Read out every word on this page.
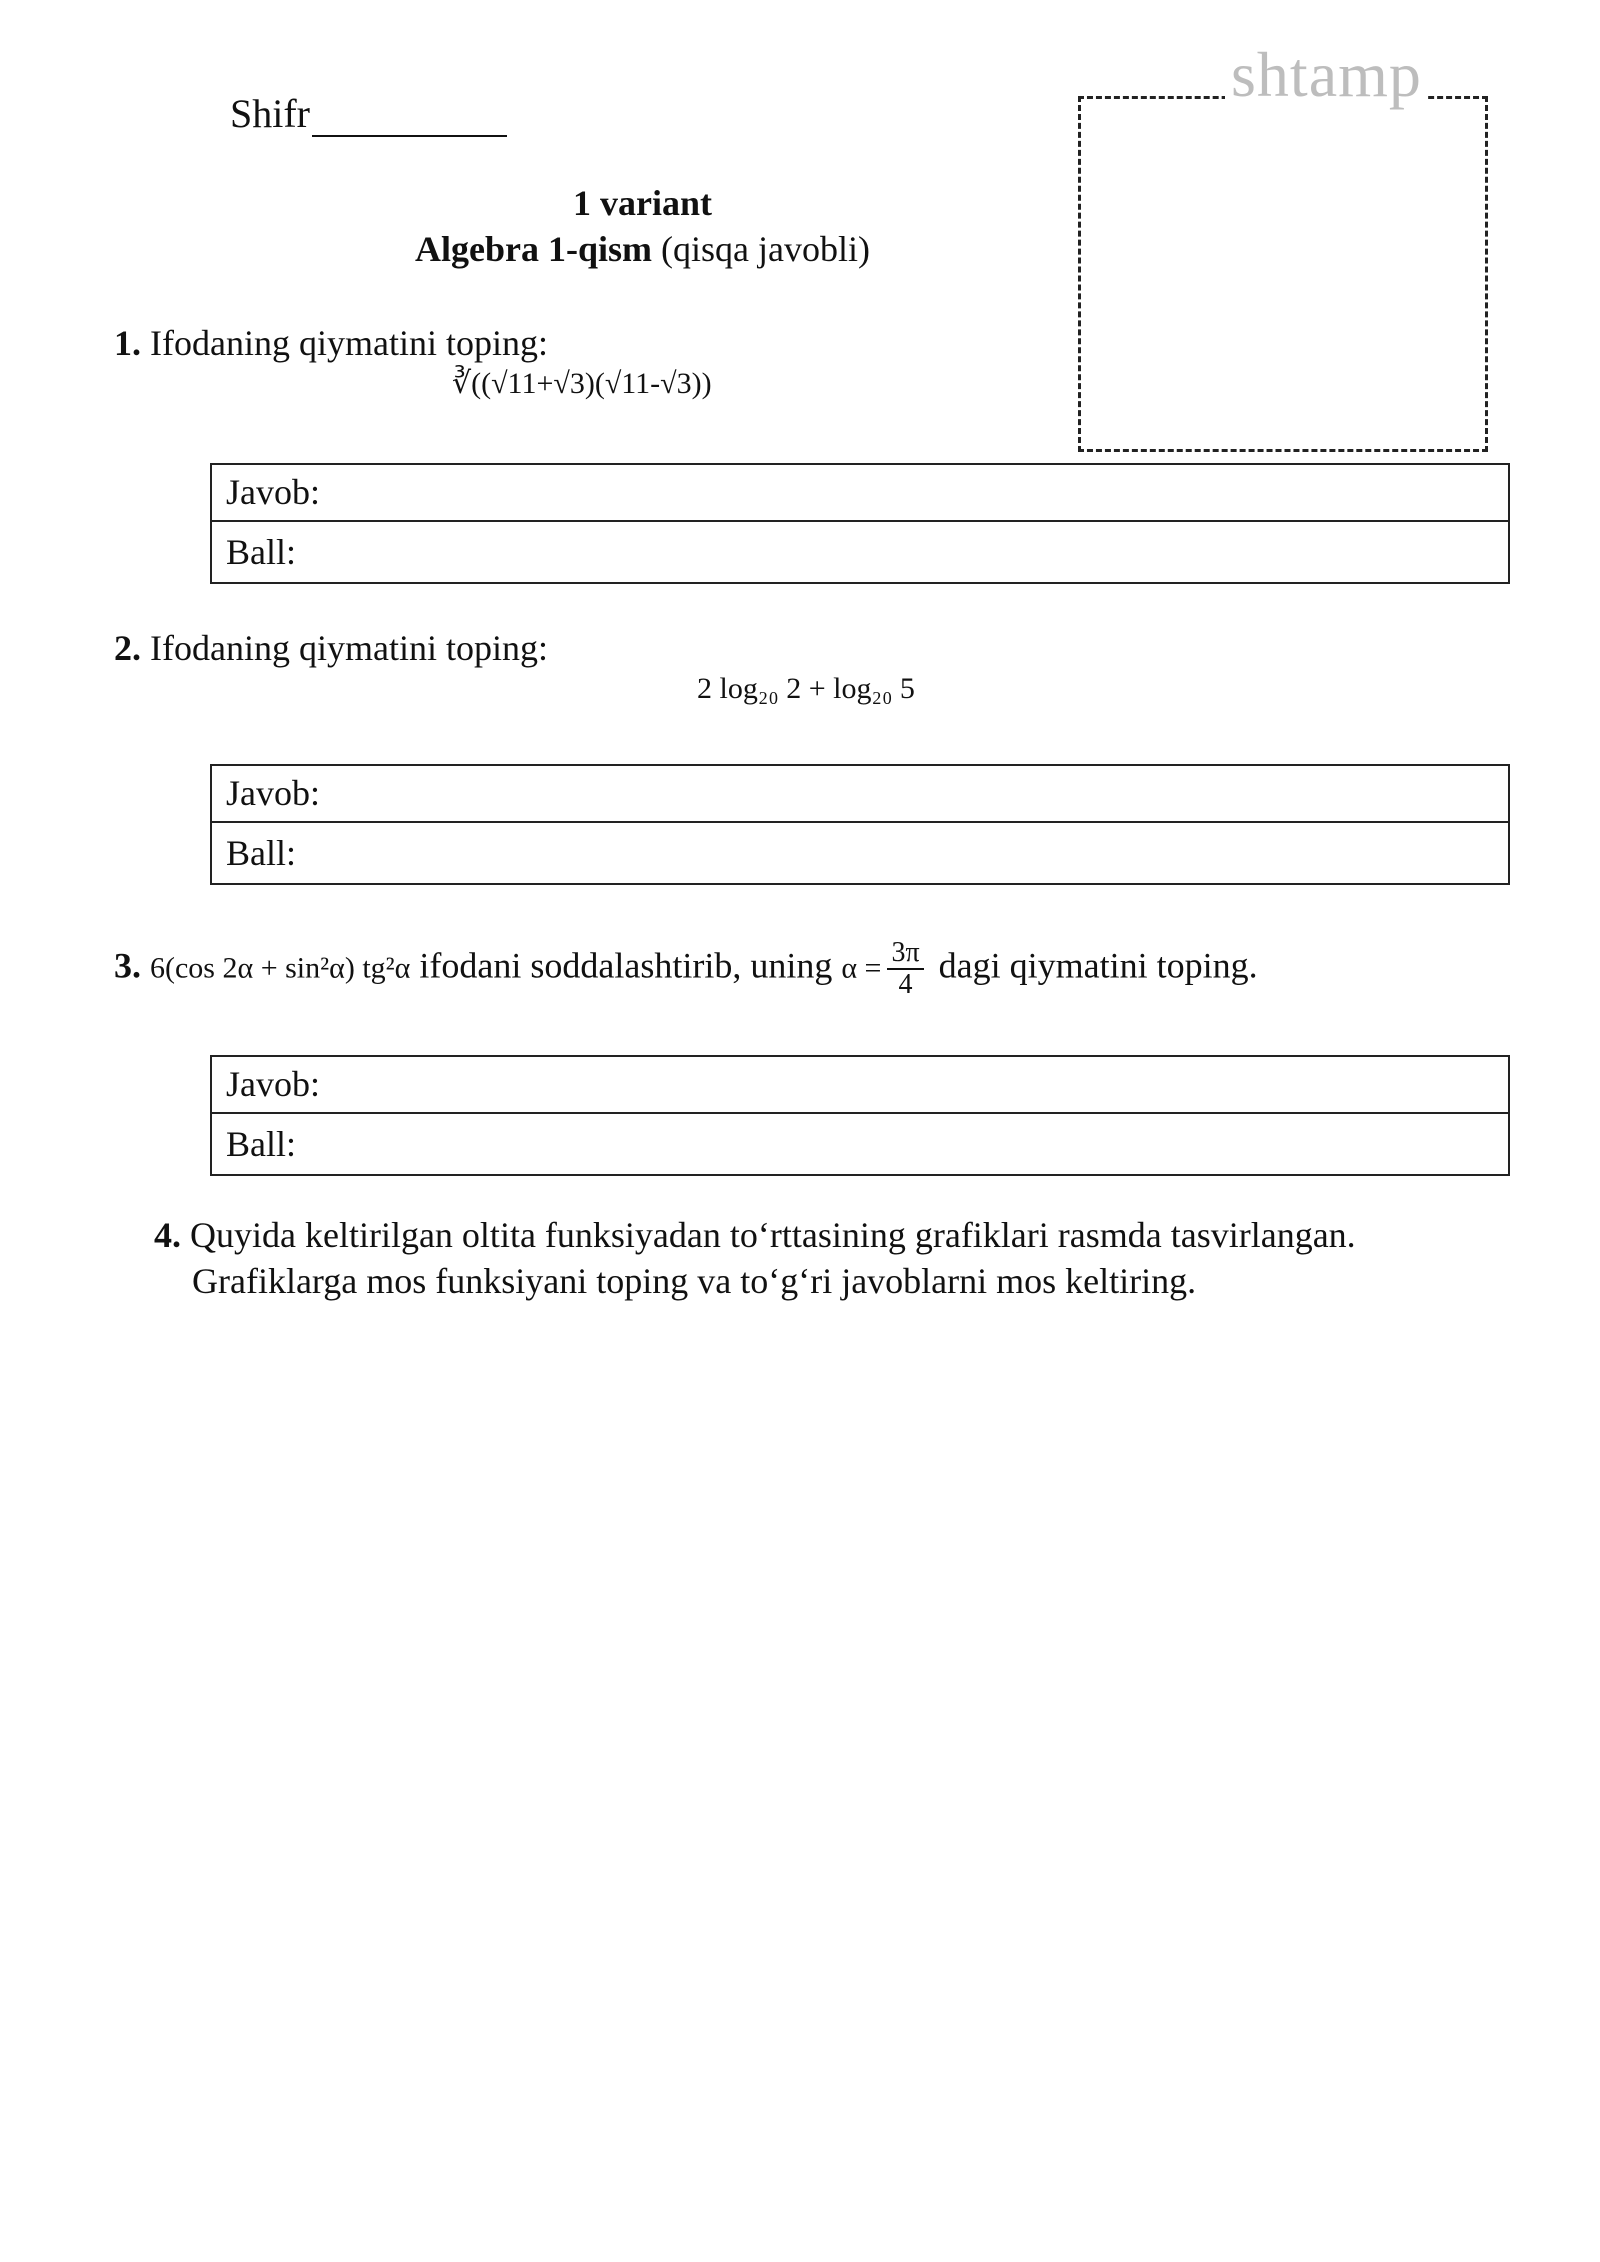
Shifr
shtamp
1 variant
Algebra 1-qism (qisqa javobli)
1. Ifodaning qiymatini toping:
∛((√11+√3)(√11-√3))
Javob:
Ball:
2. Ifodaning qiymatini toping:
2 log₂₀ 2 + log₂₀ 5
Javob:
Ball:
3. 6(cos 2α + sin²α) tg²α ifodani soddalashtirib, uning $\alpha = \frac{3\pi}{4}$ dagi qiymatini toping.
Javob:
Ball:
4. Quyida keltirilgan oltita funksiyadan to‘rttasining grafiklari rasmda tasvirlangan.
Grafiklarga mos funksiyani toping va to‘g‘ri javoblarni mos keltiring.
